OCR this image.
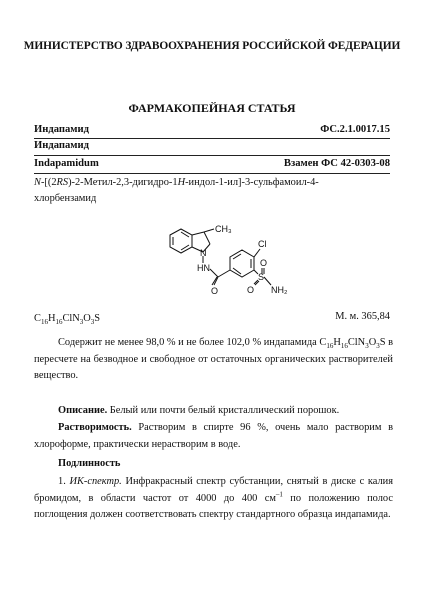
МИНИСТЕРСТВО ЗДРАВООХРАНЕНИЯ РОССИЙСКОЙ ФЕДЕРАЦИИ
ФАРМАКОПЕЙНАЯ СТАТЬЯ
Индапамид	ФС.2.1.0017.15
Индапамид
Indapamidum	Взамен ФС 42-0303-08
N-[(2RS)-2-Метил-2,3-дигидро-1H-индол-1-ил]-3-сульфамоил-4-
хлорбензамид
CH₃
N
HN
O
Cl
S
O
O NH₂
$C_{16}H_{16}ClN_3O_3S$	М. м. 365,84
Содержит не менее 98,0 % и не более 102,0 % индапамида $C_{16}H_{16}ClN_3O_3S$ в пересчете на безводное и свободное от остаточных органических растворителей вещество.
Описание. Белый или почти белый кристаллический порошок.
Растворимость. Растворим в спирте 96 %, очень мало растворим в хлороформе, практически нерастворим в воде.
Подлинность
1. ИК-спектр. Инфракрасный спектр субстанции, снятый в диске с калия бромидом, в области частот от 4000 до 400 $см^{-1}$ по положению полос поглощения должен соответствовать спектру стандартного образца индапамида.
